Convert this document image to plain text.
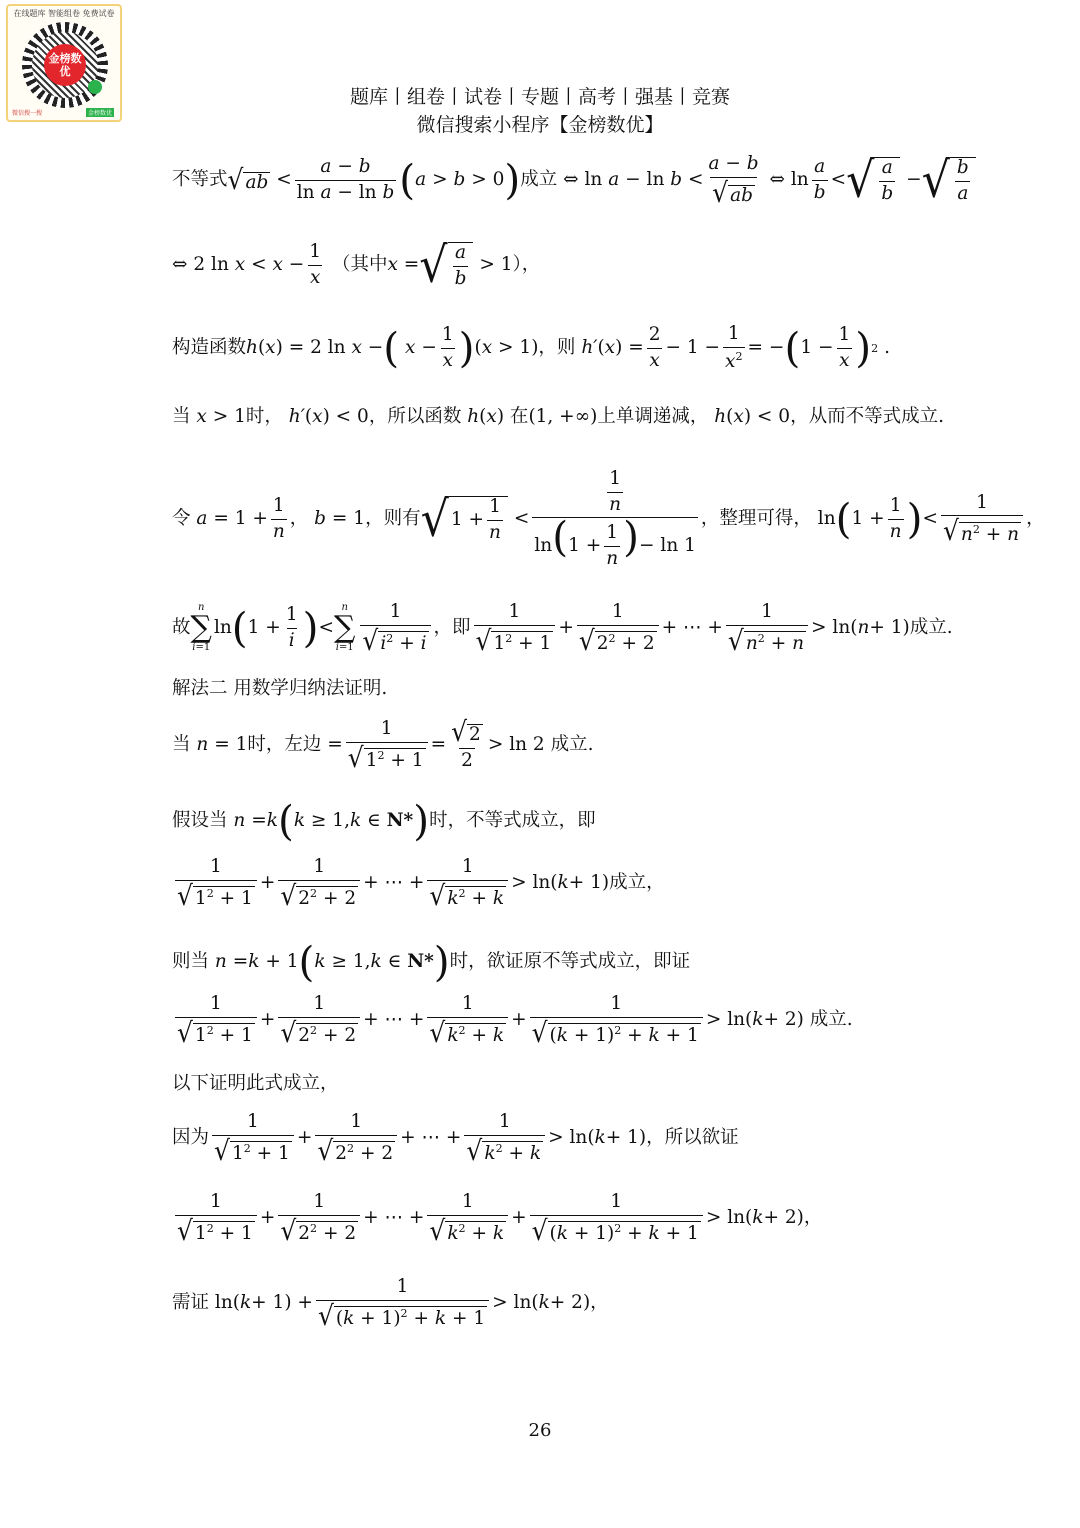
在线题库 智能组卷 免费试卷
金榜数优
微信搜一搜	金榜数优
题库丨组卷丨试卷丨专题丨高考丨强基丨竞赛
微信搜索小程序【金榜数优】
不等式 √ ab <
a − b
ln a − ln b ( a > b > 0 ) 成立 ⇔ ln a − ln b <
a − b
√ ab
⇔ ln
a
b
< √ $\frac{a}{b}$ − √ $\frac{b}{a}$
⇔ 2 ln x < x −
1
x

（其中 x = √ $\frac{a}{b} > 1$ ），
构造函数 h ( x ) = 2 ln x − (
x −
1
x ) ( x > 1) ，则
h′ ( x ) =
2
x
− 1 −
1
$x^2$ = − ( 1 −
1
x ) 2 .
当
x > 1 时，
h′ ( x ) < 0 ，所以函数
h ( x ) 在 (1, +∞) 上单调递减，
h ( x ) < 0 ，从而不等式成立.
令
a = 1 +
1
n
， b = 1 ，则有 √ $1 + \frac{1}{n}$ <
$\frac{1}{n}$
$\ln(1 + \frac{1}{n}$ )− ln 1
，整理可得， ln ( 1 +
1
n ) <
1
√ $n^2 + n$
，
故
n
∑
i=1
ln ( 1 +
1
i ) <
n
∑
i=1
1
√ $i^2 + i$
，即
1
√ $1^2 + 1$
+
1
√ $2^2 + 2$
+ ⋯ +
1
√ $n^2 + n$
> ln( n + 1) 成立.
解法二 用数学归纳法证明.
当
n = 1 时，左边 =
1
√ $1^2 + 1$
= √ 2
2
> ln 2 成立.
假设当
n = k ( k ≥ 1, k ∈ N* ) 时，不等式成立，即
1
√ $1^2 + 1$
+
1
√ $2^2 + 2$
+ ⋯ +
1
√ $k^2 + k$
> ln( k + 1) 成立，
则当
n = k + 1 ( k ≥ 1, k ∈ N* ) 时，欲证原不等式成立，即证
1
√ $1^2 + 1$
+
1
√ $2^2 + 2$
+ ⋯ +
1
√ $k^2 + k$
+
1
√ $(k + 1)^2 + k + 1$
> ln( k + 2) 成立.
以下证明此式成立，
因为
1
√ $1^2 + 1$
+
1
√ $2^2 + 2$
+ ⋯ +
1
√ $k^2 + k$
> ln( k + 1) ，所以欲证
1
√ $1^2 + 1$
+
1
√ $2^2 + 2$
+ ⋯ +
1
√ $k^2 + k$
+
1
√ $(k + 1)^2 + k + 1$
> ln( k + 2) ，
需证 ln( k + 1) +
1
√ $(k + 1)^2 + k + 1$
> ln( k + 2) ，
26
